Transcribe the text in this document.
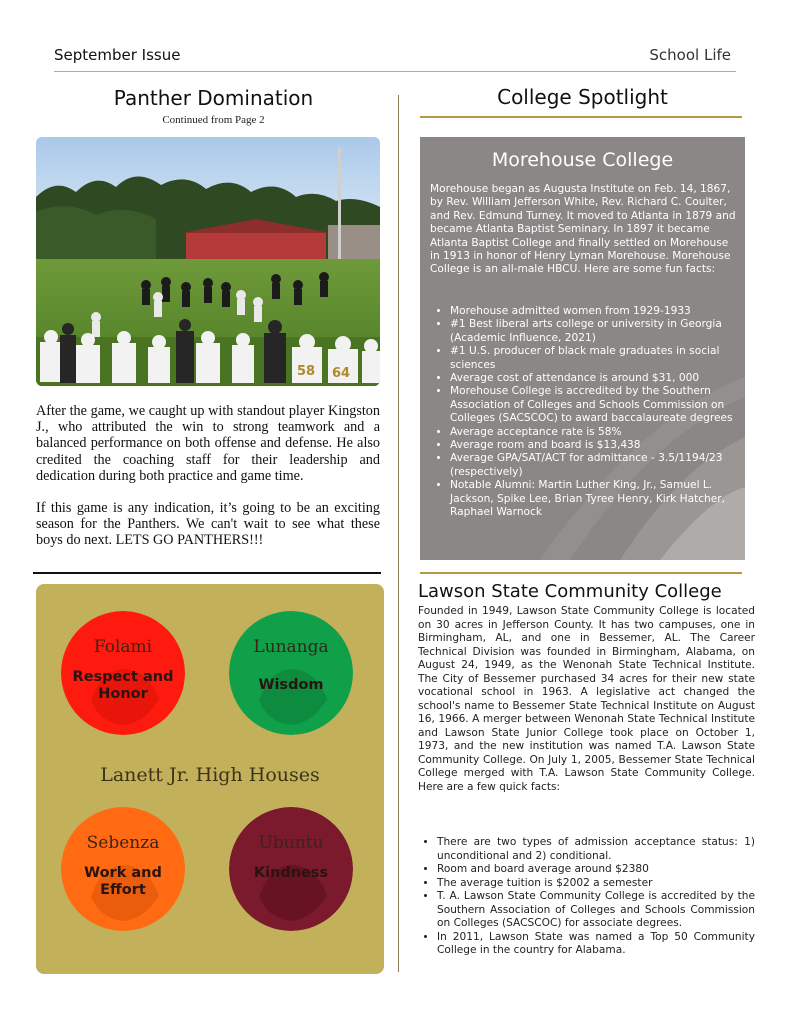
September Issue	School Life
Panther Domination
Continued from Page 2
58 64

After the game, we caught up with standout player Kingston J., who attributed the win to strong teamwork and a balanced performance on both offense and defense. He also credited the coaching staff for their leadership and dedication during both practice and game time.

If this game is any indication, it’s going to be an exciting season for the Panthers. We can't wait to see what these boys do next. LETS GO PANTHERS!!!

Folami
Respect and Honor
Lunanga
Wisdom
Lanett Jr. High Houses
Sebenza
Work and Effort
Ubuntu
Kindness
College Spotlight
Morehouse College
Morehouse began as Augusta Institute on Feb. 14, 1867, by Rev. William Jefferson White, Rev. Richard C. Coulter, and Rev. Edmund Turney. It moved to Atlanta in 1879 and became Atlanta Baptist Seminary. In 1897 it became Atlanta Baptist College and finally settled on Morehouse in 1913 in honor of Henry Lyman Morehouse. Morehouse College is an all-male HBCU. Here are some fun facts:
• Morehouse admitted women from 1929-1933
• #1 Best liberal arts college or university in Georgia (Academic Influence, 2021)
• #1 U.S. producer of black male graduates in social sciences
• Average cost of attendance is around $31, 000
• Morehouse College is accredited by the Southern Association of Colleges and Schools Commission on Colleges (SACSCOC) to award baccalaureate degrees
• Average acceptance rate is 58%
• Average room and board is $13,438
• Average GPA/SAT/ACT for admittance - 3.5/1194/23 (respectively)
• Notable Alumni: Martin Luther King, Jr., Samuel L. Jackson, Spike Lee, Brian Tyree Henry, Kirk Hatcher, Raphael Warnock
Lawson State Community College
Founded in 1949, Lawson State Community College is located on 30 acres in Jefferson County. It has two campuses, one in Birmingham, AL, and one in Bessemer, AL. The Career Technical Division was founded in Birmingham, Alabama, on August 24, 1949, as the Wenonah State Technical Institute. The City of Bessemer purchased 34 acres for their new state vocational school in 1963. A legislative act changed the school's name to Bessemer State Technical Institute on August 16, 1966. A merger between Wenonah State Technical Institute and Lawson State Junior College took place on October 1, 1973, and the new institution was named T.A. Lawson State Community College. On July 1, 2005, Bessemer State Technical College merged with T.A. Lawson State Community College. Here are a few quick facts:
• There are two types of admission acceptance status: 1) unconditional and 2) conditional.
• Room and board average around $2380
• The average tuition is $2002 a semester
• T. A. Lawson State Community College is accredited by the Southern Association of Colleges and Schools Commission on Colleges (SACSCOC) for associate degrees.
• In 2011, Lawson State was named a Top 50 Community College in the country for Alabama.
